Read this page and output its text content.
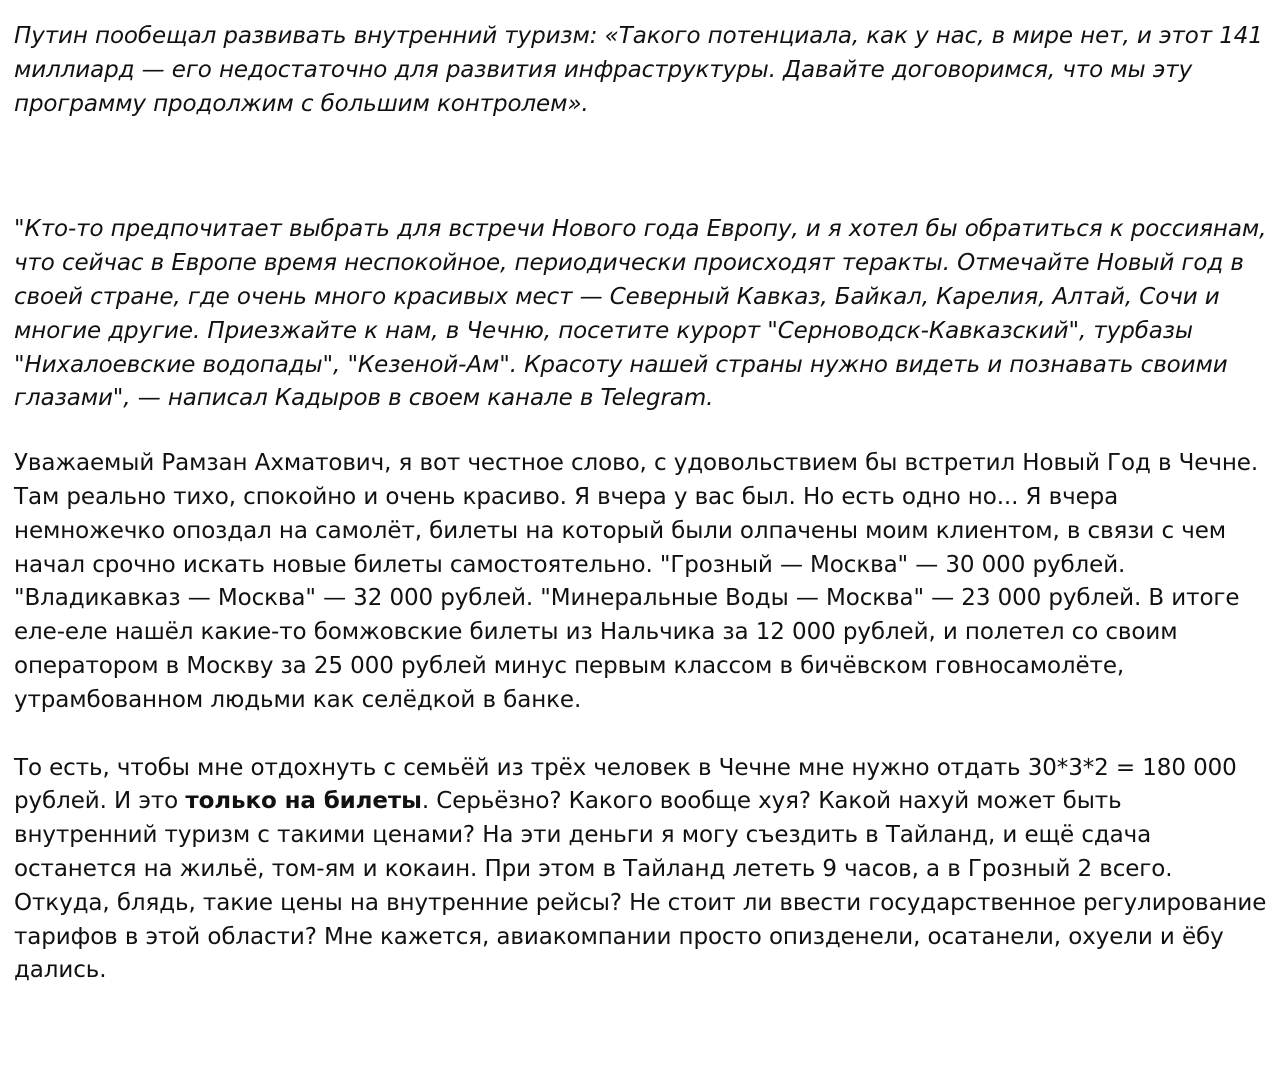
Путин пообещал развивать внутренний туризм: «Такого потенциала, как у нас, в мире нет, и этот 141 миллиард — его недостаточно для развития инфраструктуры. Давайте договоримся, что мы эту программу продолжим с большим контролем».

"Кто-то предпочитает выбрать для встречи Нового года Европу, и я хотел бы обратиться к россиянам, что сейчас в Европе время неспокойное, периодически происходят теракты. Отмечайте Новый год в своей стране, где очень много красивых мест — Северный Кавказ, Байкал, Карелия, Алтай, Сочи и многие другие. Приезжайте к нам, в Чечню, посетите курорт "Серноводск-Кавказский", турбазы "Нихалоевские водопады", "Кезеной-Ам". Красоту нашей страны нужно видеть и познавать своими глазами", — написал Кадыров в своем канале в Telegram.

Уважаемый Рамзан Ахматович, я вот честное слово, с удовольствием бы встретил Новый Год в Чечне. Там реально тихо, спокойно и очень красиво. Я вчера у вас был. Но есть одно но... Я вчера немножечко опоздал на самолёт, билеты на который были олпачены моим клиентом, в связи с чем начал срочно искать новые билеты самостоятельно. "Грозный — Москва" — 30 000 рублей. "Владикавказ — Москва" — 32 000 рублей. "Минеральные Воды — Москва" — 23 000 рублей. В итоге еле-еле нашёл какие-то бомжовские билеты из Нальчика за 12 000 рублей, и полетел со своим оператором в Москву за 25 000 рублей минус первым классом в бичёвском говносамолёте, утрамбованном людьми как селёдкой в банке.

То есть, чтобы мне отдохнуть с семьёй из трёх человек в Чечне мне нужно отдать 30*3*2 = 180 000 рублей. И это только на билеты. Серьёзно? Какого вообще хуя? Какой нахуй может быть внутренний туризм с такими ценами? На эти деньги я могу съездить в Тайланд, и ещё сдача останется на жильё, том-ям и кокаин. При этом в Тайланд лететь 9 часов, а в Грозный 2 всего. Откуда, блядь, такие цены на внутренние рейсы? Не стоит ли ввести государственное регулирование тарифов в этой области? Мне кажется, авиакомпании просто опизденели, осатанели, охуели и ёбу дались.
